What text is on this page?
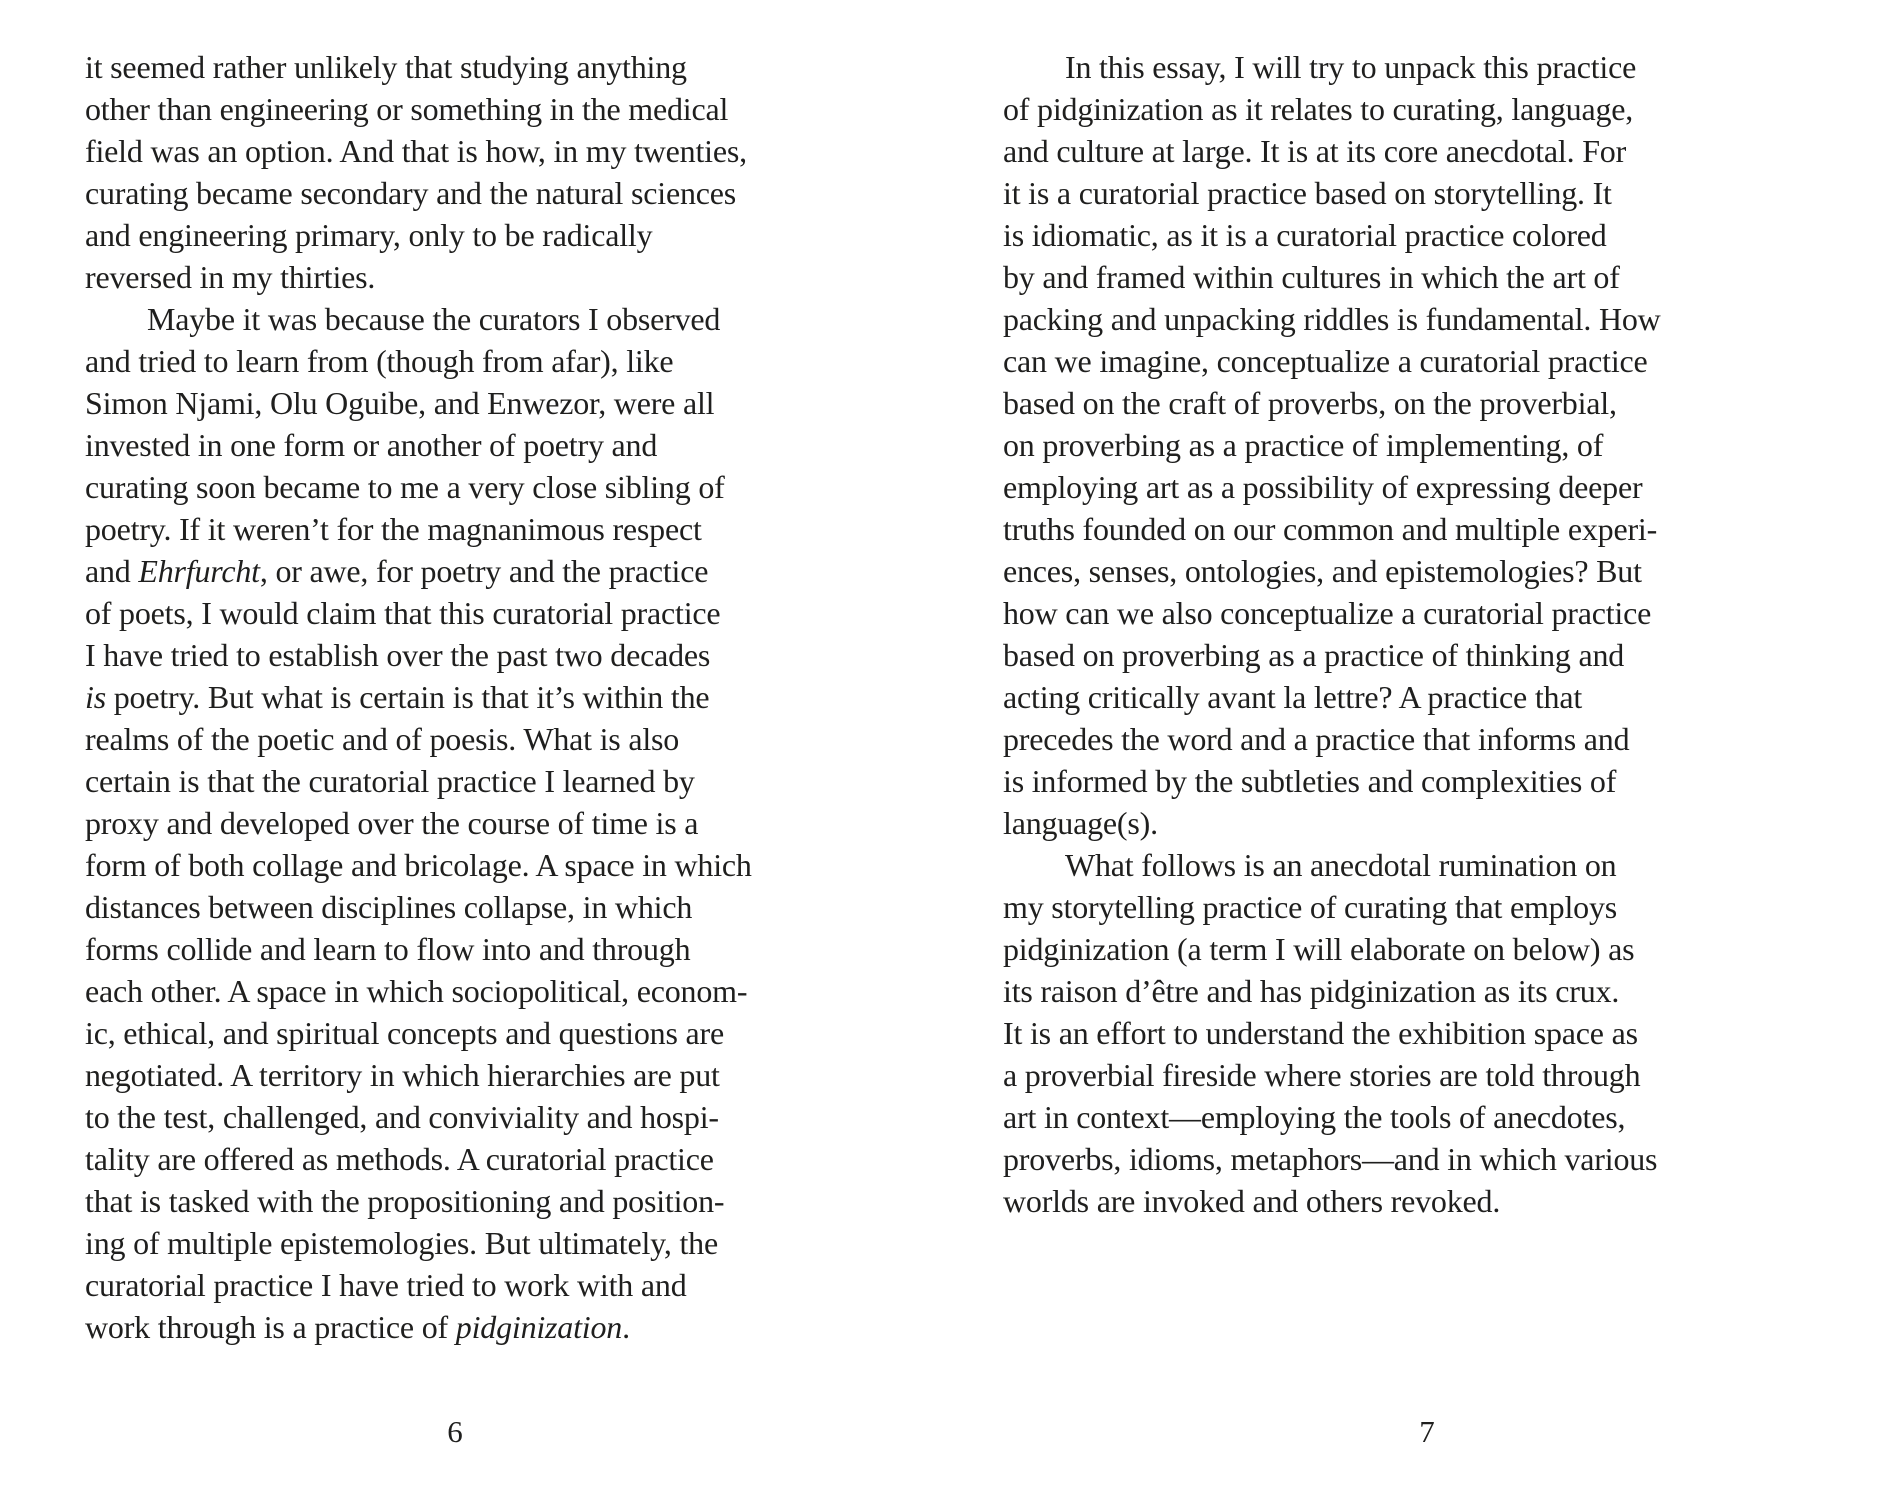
it seemed rather unlikely that studying anything
other than engineering or something in the medical
field was an option. And that is how, in my twenties,
curating became secondary and the natural sciences
and engineering primary, only to be radically
reversed in my thirties.
Maybe it was because the curators I observed
and tried to learn from (though from afar), like
Simon Njami, Olu Oguibe, and Enwezor, were all
invested in one form or another of poetry and
curating soon became to me a very close sibling of
poetry. If it weren’t for the magnanimous respect
and Ehrfurcht, or awe, for poetry and the practice
of poets, I would claim that this curatorial practice
I have tried to establish over the past two decades
is poetry. But what is certain is that it’s within the
realms of the poetic and of poesis. What is also
certain is that the curatorial practice I learned by
proxy and developed over the course of time is a
form of both collage and bricolage. A space in which
distances between disciplines collapse, in which
forms collide and learn to flow into and through
each other. A space in which sociopolitical, econom-
ic, ethical, and spiritual concepts and questions are
negotiated. A territory in which hierarchies are put
to the test, challenged, and conviviality and hospi-
tality are offered as methods. A curatorial practice
that is tasked with the propositioning and position-
ing of multiple epistemologies. But ultimately, the
curatorial practice I have tried to work with and
work through is a practice of pidginization.
6
In this essay, I will try to unpack this practice
of pidginization as it relates to curating, language,
and culture at large. It is at its core anecdotal. For
it is a curatorial practice based on storytelling. It
is idiomatic, as it is a curatorial practice colored
by and framed within cultures in which the art of
packing and unpacking riddles is fundamental. How
can we imagine, conceptualize a curatorial practice
based on the craft of proverbs, on the proverbial,
on proverbing as a practice of implementing, of
employing art as a possibility of expressing deeper
truths founded on our common and multiple experi-
ences, senses, ontologies, and epistemologies? But
how can we also conceptualize a curatorial practice
based on proverbing as a practice of thinking and
acting critically avant la lettre? A practice that
precedes the word and a practice that informs and
is informed by the subtleties and complexities of
language(s).
What follows is an anecdotal rumination on
my storytelling practice of curating that employs
pidginization (a term I will elaborate on below) as
its raison d’être and has pidginization as its crux.
It is an effort to understand the exhibition space as
a proverbial fireside where stories are told through
art in context—employing the tools of anecdotes,
proverbs, idioms, metaphors—and in which various
worlds are invoked and others revoked.
7
